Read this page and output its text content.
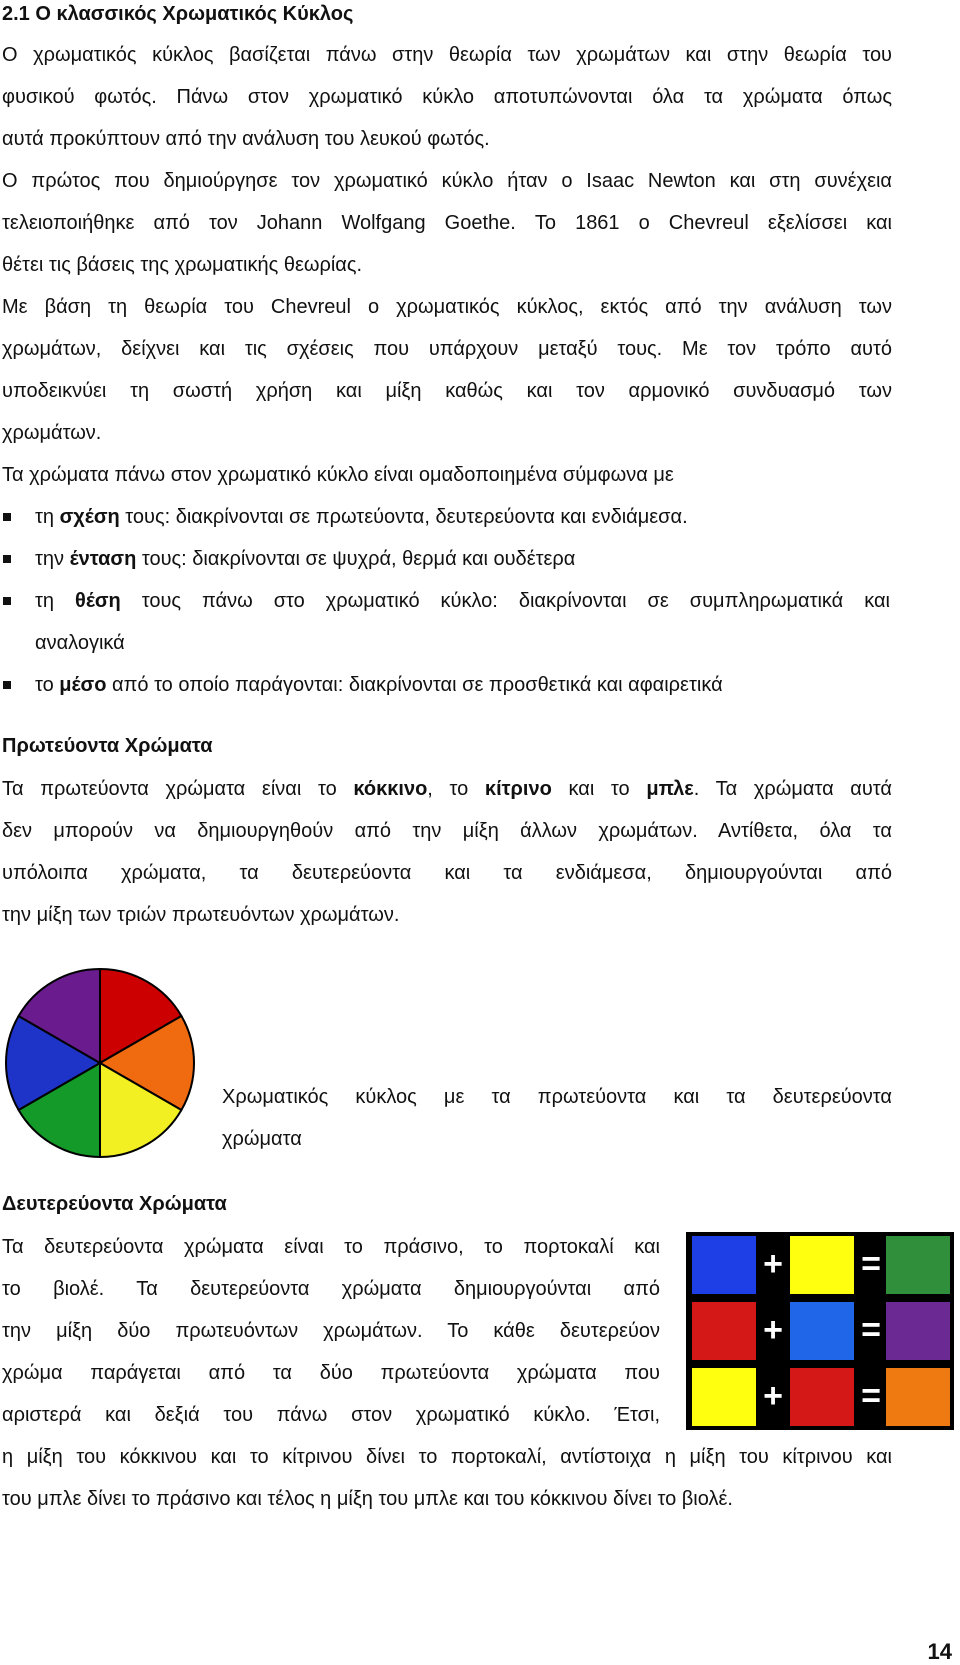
2.1 Ο κλασσικός Χρωματικός Κύκλος
Ο χρωματικός κύκλος βασίζεται πάνω στην θεωρία των χρωμάτων και στην θεωρία του
φυσικού φωτός. Πάνω στον χρωματικό κύκλο αποτυπώνονται όλα τα χρώματα όπως
αυτά προκύπτουν από την ανάλυση του λευκού φωτός.
Ο πρώτος που δημιούργησε τον χρωματικό κύκλο ήταν ο Isaac Newton και στη συνέχεια
τελειοποιήθηκε από τον Johann Wolfgang Goethe. Το 1861 ο Chevreul εξελίσσει και
θέτει τις βάσεις της χρωματικής θεωρίας.
Με βάση τη θεωρία του Chevreul ο χρωματικός κύκλος, εκτός από την ανάλυση των
χρωμάτων, δείχνει και τις σχέσεις που υπάρχουν μεταξύ τους. Με τον τρόπο αυτό
υποδεικνύει τη σωστή χρήση και μίξη καθώς και τον αρμονικό συνδυασμό των
χρωμάτων.
Τα χρώματα πάνω στον χρωματικό κύκλο είναι ομαδοποιημένα σύμφωνα με
τη σχέση τους: διακρίνονται σε πρωτεύοντα, δευτερεύοντα και ενδιάμεσα.
την ένταση τους: διακρίνονται σε ψυχρά, θερμά και ουδέτερα
τη θέση τους πάνω στο χρωματικό κύκλο: διακρίνονται σε συμπληρωματικά και
αναλογικά
το μέσο από το οποίο παράγονται: διακρίνονται σε προσθετικά και αφαιρετικά
Πρωτεύοντα Χρώματα
Τα πρωτεύοντα χρώματα είναι το κόκκινο, το κίτρινο και το μπλε. Τα χρώματα αυτά
δεν μπορούν να δημιουργηθούν από την μίξη άλλων χρωμάτων. Αντίθετα, όλα τα
υπόλοιπα χρώματα, τα δευτερεύοντα και τα ενδιάμεσα, δημιουργούνται από
την μίξη των τριών πρωτευόντων χρωμάτων.
Χρωματικός κύκλος με τα πρωτεύοντα και τα δευτερεύοντα
χρώματα
Δευτερεύοντα Χρώματα
Τα δευτερεύοντα χρώματα είναι το πράσινο, το πορτοκαλί και
το βιολέ. Τα δευτερεύοντα χρώματα δημιουργούνται από
την μίξη δύο πρωτευόντων χρωμάτων. Το κάθε δευτερεύον
χρώμα παράγεται από τα δύο πρωτεύοντα χρώματα που
αριστερά και δεξιά του πάνω στον χρωματικό κύκλο. Έτσι,
η μίξη του κόκκινου και το κίτρινου δίνει το πορτοκαλί, αντίστοιχα η μίξη του κίτρινου και
του μπλε δίνει το πράσινο και τέλος η μίξη του μπλε και του κόκκινου δίνει το βιολέ.
+ =
+ =
+ =
14
